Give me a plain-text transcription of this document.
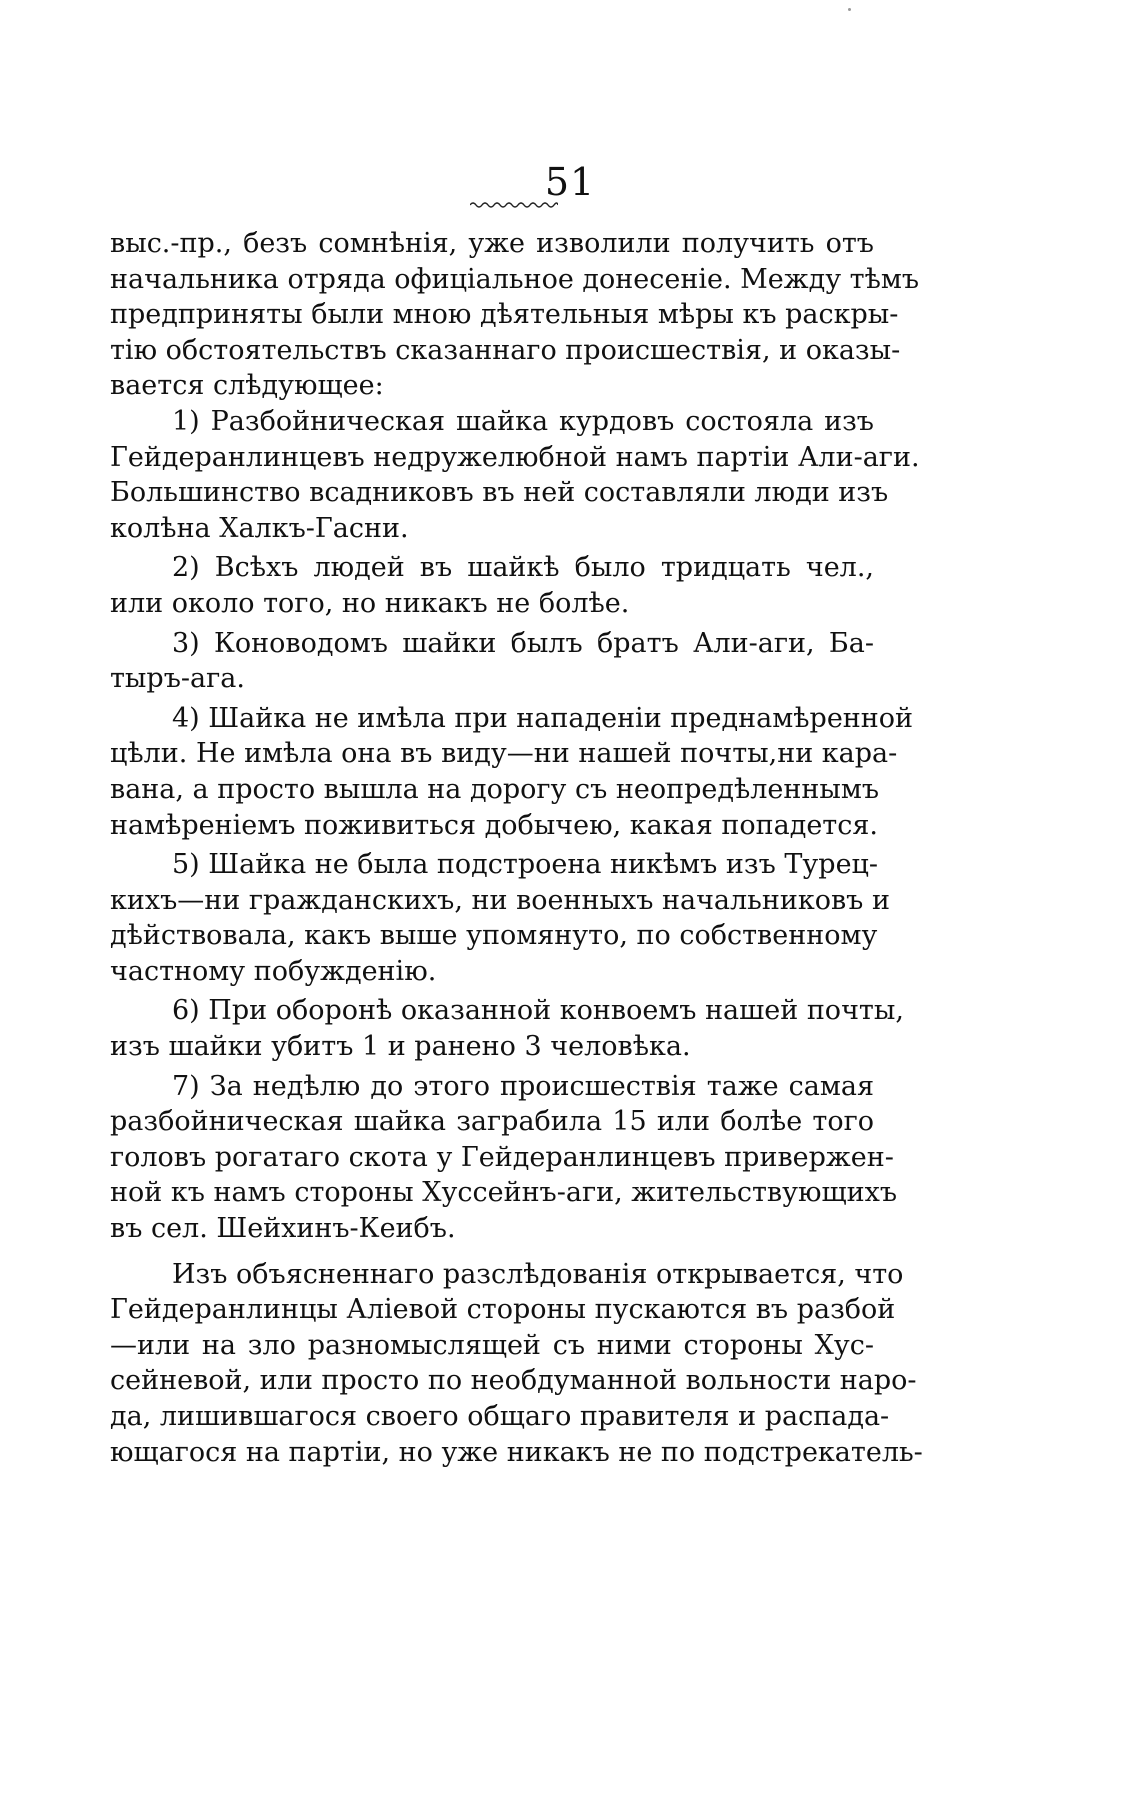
51
выс.-пр., безъ сомнѣнія, уже изволили получить отъ
начальника отряда офиціальное донесеніе. Между тѣмъ
предприняты были мною дѣятельныя мѣры къ раскры-
тію обстоятельствъ сказаннаго происшествія, и оказы-
вается слѣдующее:
1) Разбойническая шайка курдовъ состояла изъ
Гейдеранлинцевъ недружелюбной намъ партіи Али-аги.
Большинство всадниковъ въ ней составляли люди изъ
колѣна Халкъ-Гасни.
2) Всѣхъ людей въ шайкѣ было тридцать чел.,
или около того, но никакъ не болѣе.
3) Коноводомъ шайки былъ братъ Али-аги, Ба-
тыръ-ага.
4) Шайка не имѣла при нападеніи преднамѣренной
цѣли. Не имѣла она въ виду—ни нашей почты,ни кара-
вана, а просто вышла на дорогу съ неопредѣленнымъ
намѣреніемъ поживиться добычею, какая попадется.
5) Шайка не была подстроена никѣмъ изъ Турец-
кихъ—ни гражданскихъ, ни военныхъ начальниковъ и
дѣйствовала, какъ выше упомянуто, по собственному
частному побужденію.
6) При оборонѣ оказанной конвоемъ нашей почты,
изъ шайки убитъ 1 и ранено 3 человѣка.
7) За недѣлю до этого происшествія таже самая
разбойническая шайка заграбила 15 или болѣе того
головъ рогатаго скота у Гейдеранлинцевъ привержен-
ной къ намъ стороны Хуссейнъ-аги, жительствующихъ
въ сел. Шейхинъ-Кеибъ.
Изъ объясненнаго разслѣдованія открывается, что
Гейдеранлинцы Аліевой стороны пускаются въ разбой
—или на зло разномыслящей съ ними стороны Хус-
сейневой, или просто по необдуманной вольности наро-
да, лишившагося своего общаго правителя и распада-
ющагося на партіи, но уже никакъ не по подстрекатель-
